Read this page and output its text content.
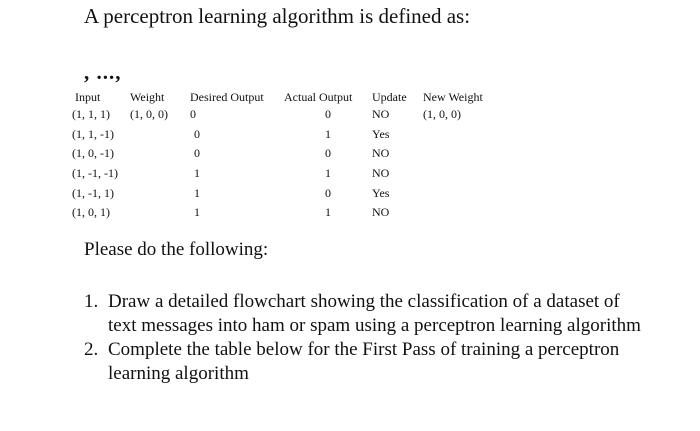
A perceptron learning algorithm is defined as:
, ...,
Input	Weight	Desired Output	Actual Output	Update	New Weight
(1, 1, 1)	(1, 0, 0)	0	0	NO	(1, 0, 0)
(1, 1, -1)		0	1	Yes	
(1, 0, -1)		0	0	NO	
(1, -1, -1)		1	1	NO	
(1, -1, 1)		1	0	Yes	
(1, 0, 1)		1	1	NO	
Please do the following:
1. Draw a detailed flowchart showing the classification of a dataset of text messages into ham or spam using a perceptron learning algorithm
2. Complete the table below for the First Pass of training a perceptron learning algorithm
